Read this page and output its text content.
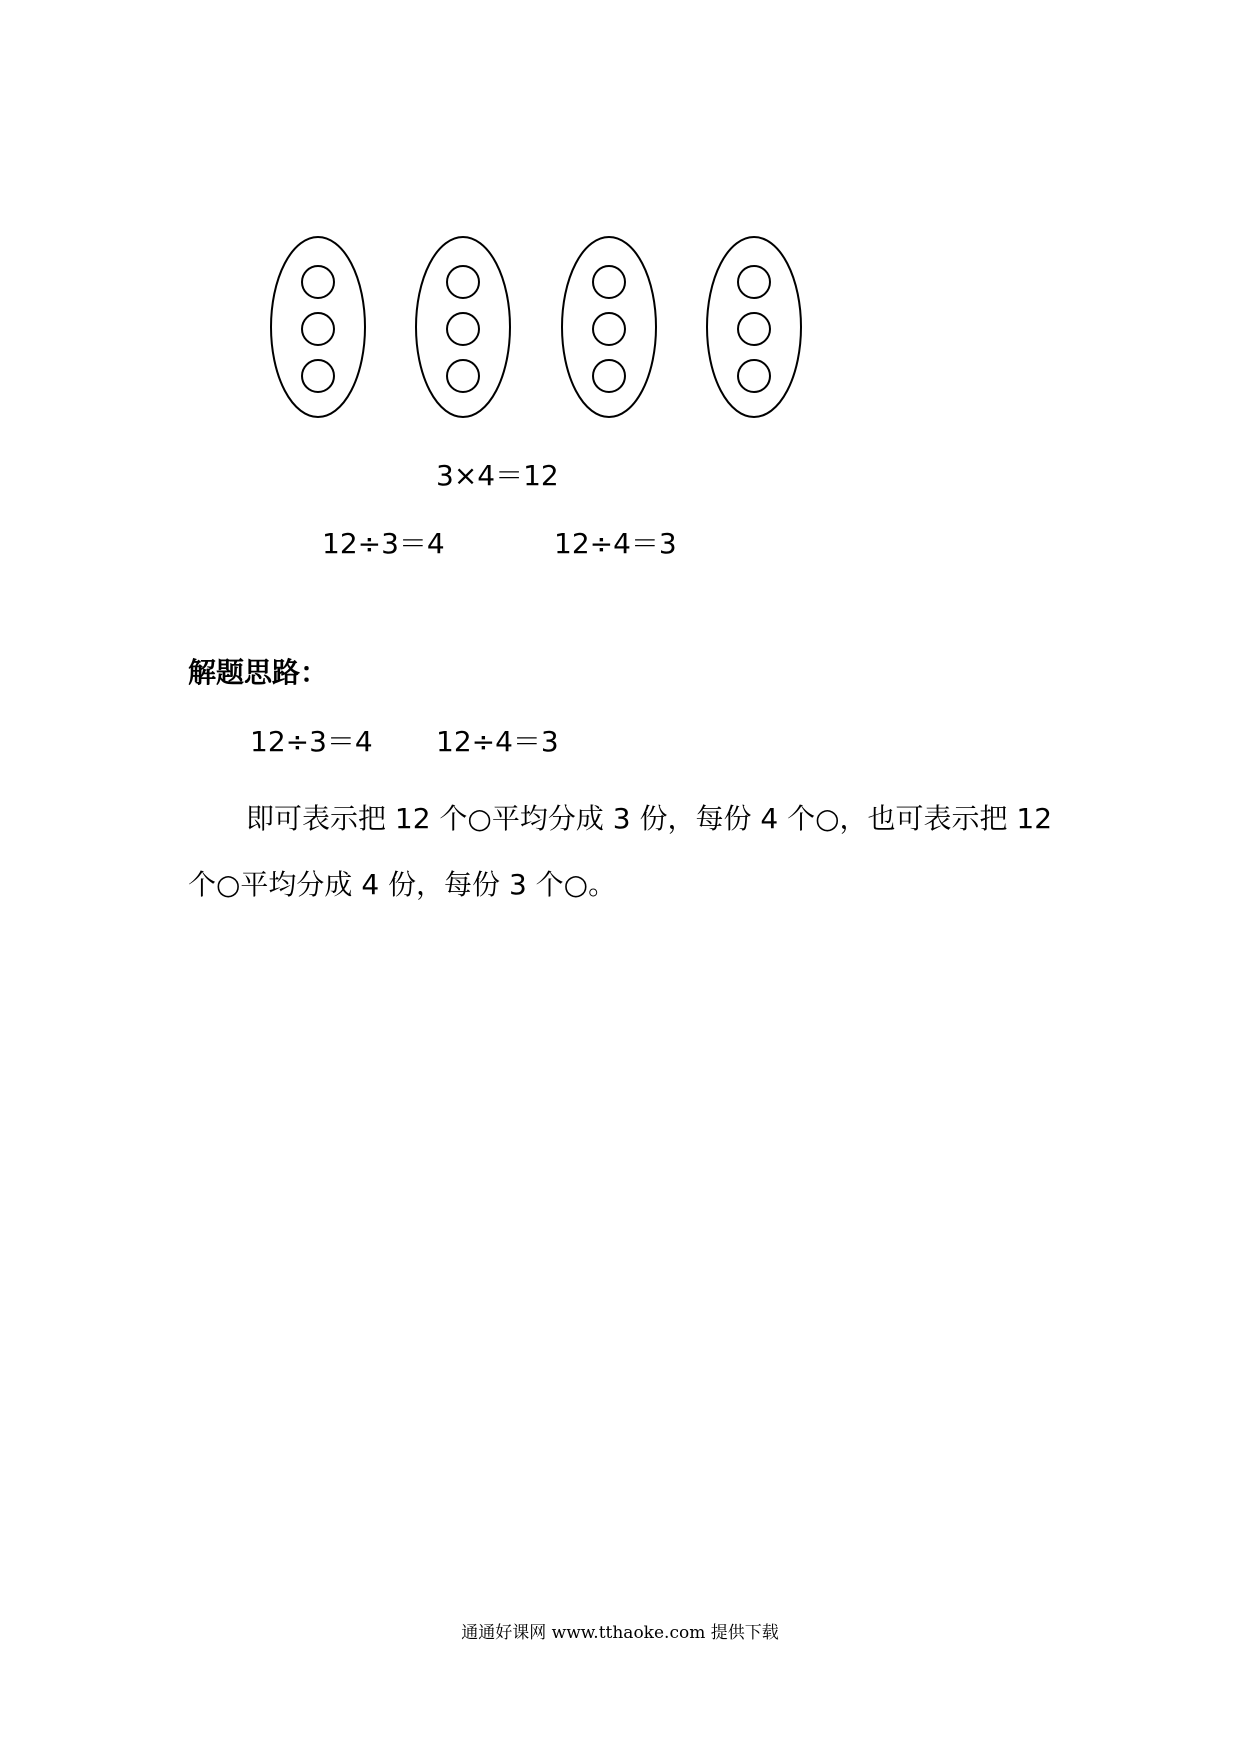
3×4＝12
12÷3＝4	12÷4＝3
解题思路：
12÷3＝4 12÷4＝3
即可表示把 12 个○平均分成 3 份，每份 4 个○，也可表示把 12 个○平均分成 4 份，每份 3 个○。
通通好课网 www.tthaoke.com 提供下载
